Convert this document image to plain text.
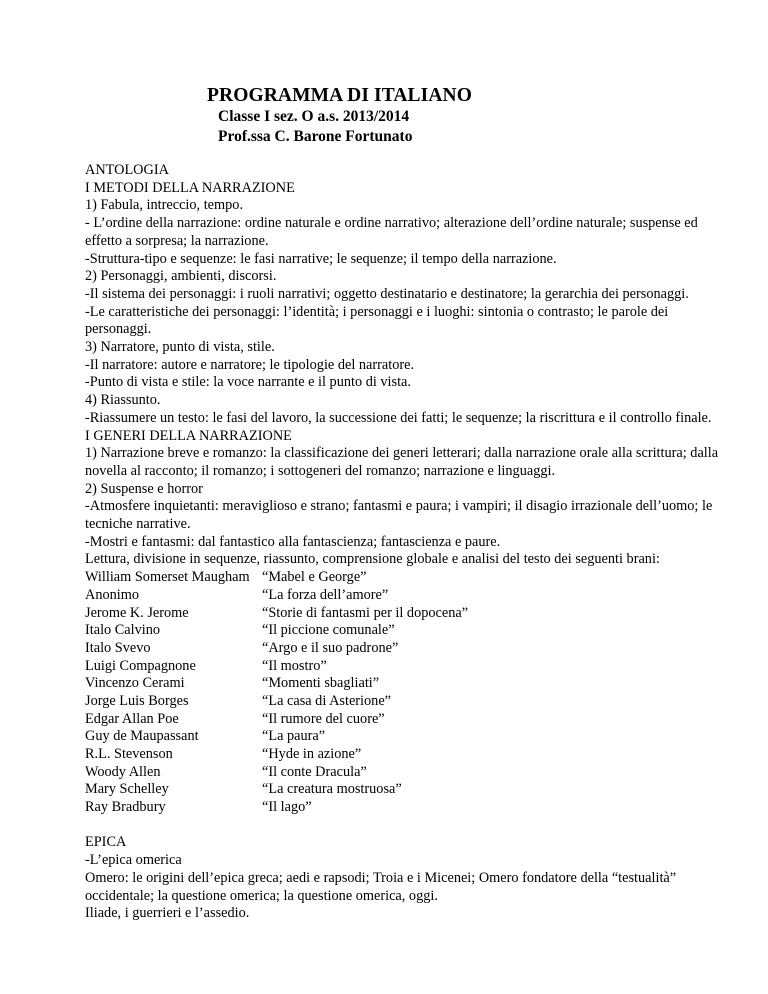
PROGRAMMA DI ITALIANO
Classe I sez. O a.s. 2013/2014
Prof.ssa C. Barone Fortunato

ANTOLOGIA

I METODI DELLA NARRAZIONE

1) Fabula, intreccio, tempo.

- L’ordine della narrazione: ordine naturale e ordine narrativo; alterazione dell’ordine naturale; suspense ed effetto a sorpresa; la narrazione.

-Struttura-tipo e sequenze: le fasi narrative; le sequenze; il tempo della narrazione.

2) Personaggi, ambienti, discorsi.

-Il sistema dei personaggi: i ruoli narrativi; oggetto destinatario e destinatore; la gerarchia dei personaggi.

-Le caratteristiche dei personaggi: l’identità; i personaggi e i luoghi: sintonia o contrasto; le parole dei personaggi.

3) Narratore, punto di vista, stile.

-Il narratore: autore e narratore; le tipologie del narratore.

-Punto di vista e stile: la voce narrante e il punto di vista.

4) Riassunto.

-Riassumere un testo: le fasi del lavoro, la successione dei fatti; le sequenze; la riscrittura e il controllo finale.

I GENERI DELLA NARRAZIONE

1) Narrazione breve e romanzo: la classificazione dei generi letterari; dalla narrazione orale alla scrittura; dalla novella al racconto; il romanzo; i sottogeneri del romanzo; narrazione e linguaggi.

2) Suspense e horror

-Atmosfere inquietanti: meraviglioso e strano; fantasmi e paura; i vampiri; il disagio irrazionale dell’uomo; le tecniche narrative.

-Mostri e fantasmi: dal fantastico alla fantascienza; fantascienza e paure.

Lettura, divisione in sequenze, riassunto, comprensione globale e analisi del testo dei seguenti brani:

William Somerset Maugham “Mabel e George”
Anonimo	“La forza dell’amore”
Jerome K. Jerome	“Storie di fantasmi per il dopocena”
Italo Calvino	“Il piccione comunale”
Italo Svevo	“Argo e il suo padrone”
Luigi Compagnone	“Il mostro”
Vincenzo Cerami	“Momenti sbagliati”
Jorge Luis Borges	“La casa di Asterione”
Edgar Allan Poe	“Il rumore del cuore”
Guy de Maupassant	“La paura”
R.L. Stevenson	“Hyde in azione”
Woody Allen	“Il conte Dracula”
Mary Schelley	“La creatura mostruosa”
Ray Bradbury	“Il lago”

EPICA

-L’epica omerica

Omero: le origini dell’epica greca; aedi e rapsodi; Troia e i Micenei; Omero fondatore della “testualità” occidentale; la questione omerica; la questione omerica, oggi.

Iliade, i guerrieri e l’assedio.
